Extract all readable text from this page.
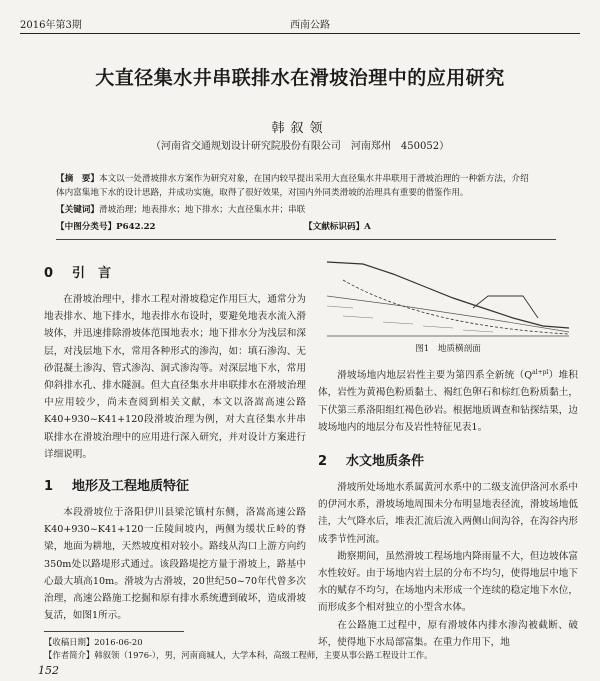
2016年第3期	西南公路
大直径集水井串联排水在滑坡治理中的应用研究
韩叙领
（河南省交通规划设计研究院股份有限公司　河南郑州　450052）
【摘　要】本文以一处滑坡排水方案作为研究对象，在国内较早提出采用大直径集水井串联用于滑坡治理的一种新方法，介绍
体内富集地下水的设计思路，并成功实施，取得了很好效果，对国内外同类滑坡的治理具有重要的借鉴作用。
【关键词】滑坡治理；地表排水；地下排水；大直径集水井；串联
【中图分类号】P642.22	【文献标识码】A
0 引　言

在滑坡治理中，排水工程对滑坡稳定作用巨大，通常分为地表排水、地下排水，地表排水布设时，要避免地表水流入滑坡体，并迅速排除滑坡体范围地表水；地下排水分为浅层和深层，对浅层地下水，常用各种形式的渗沟，如：填石渗沟、无砂混凝土渗沟、管式渗沟、洞式渗沟等。对深层地下水，常用仰斜排水孔、排水隧洞。但大直径集水井串联排水在滑坡治理中应用较少，尚未查阅到相关文献，本文以洛嵩高速公路K40+930~K41+120段滑坡治理为例，对大直径集水井串联排水在滑坡治理中的应用进行深入研究，并对设计方案进行详细说明。

1 地形及工程地质特征

本段滑坡位于洛阳伊川县梁沱镇村东侧，洛嵩高速公路K40+930~K41+120一丘陵间坡内，两侧为缓状丘岭的脊梁，地面为耕地，天然坡度相对较小。路线从沟口上游方向约350m处以路堤形式通过。该段路堤挖方量于滑坡上，路基中心最大填高10m。滑坡为古滑坡，20世纪50~70年代曾多次治理，高速公路施工挖掘和原有排水系统遭到破坏，造成滑坡复活，如图1所示。

图1　地质横剖面

滑坡场地内地层岩性主要为第四系全新统$(Q^{al+pl})$堆积体，岩性为黄褐色粉质黏土、褐红色卵石和棕红色粉质黏土，下伏第三系洛阳组红褐色砂岩。根据地质调查和钻探结果，边坡场地内的地层分布及岩性特征见表1。

2 水文地质条件

滑坡所处场地水系属黄河水系中的二级支流伊洛河水系中的伊河水系，滑坡场地周围未分布明显地表径流，滑坡场地低洼，大气降水后，堆表汇流后流入两侧山间沟谷，在沟谷内形成季节性河流。

勘察期间，虽然滑坡工程场地内降雨量不大，但边坡体富水性较好。由于场地内岩土层的分布不均匀，使得地层中地下水的赋存不均匀，在场地内未形成一个连续的稳定地下水位，而形成多个相对独立的小型含水体。

在公路施工过程中，原有滑坡体内排水渗沟被截断、破坏，使得地下水局部富集。在重力作用下，地

【收稿日期】2016-06-20
【作者简介】韩叙领（1976-），男，河南商城人，大学本科，高级工程师，主要从事公路工程设计工作。
152
